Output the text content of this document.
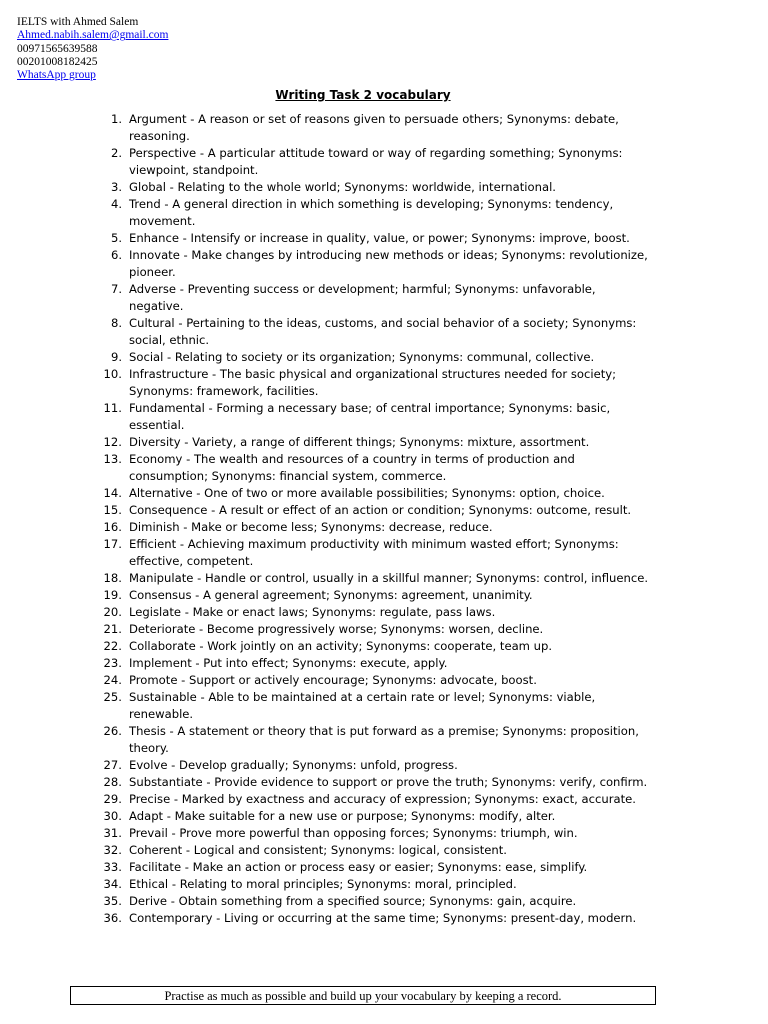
IELTS with Ahmed Salem
Ahmed.nabih.salem@gmail.com
00971565639588
00201008182425
WhatsApp group
Writing Task 2 vocabulary
1. Argument - A reason or set of reasons given to persuade others; Synonyms: debate, reasoning.
2. Perspective - A particular attitude toward or way of regarding something; Synonyms: viewpoint, standpoint.
3. Global - Relating to the whole world; Synonyms: worldwide, international.
4. Trend - A general direction in which something is developing; Synonyms: tendency, movement.
5. Enhance - Intensify or increase in quality, value, or power; Synonyms: improve, boost.
6. Innovate - Make changes by introducing new methods or ideas; Synonyms: revolutionize, pioneer.
7. Adverse - Preventing success or development; harmful; Synonyms: unfavorable, negative.
8. Cultural - Pertaining to the ideas, customs, and social behavior of a society; Synonyms: social, ethnic.
9. Social - Relating to society or its organization; Synonyms: communal, collective.
10. Infrastructure - The basic physical and organizational structures needed for society; Synonyms: framework, facilities.
11. Fundamental - Forming a necessary base; of central importance; Synonyms: basic, essential.
12. Diversity - Variety, a range of different things; Synonyms: mixture, assortment.
13. Economy - The wealth and resources of a country in terms of production and consumption; Synonyms: financial system, commerce.
14. Alternative - One of two or more available possibilities; Synonyms: option, choice.
15. Consequence - A result or effect of an action or condition; Synonyms: outcome, result.
16. Diminish - Make or become less; Synonyms: decrease, reduce.
17. Efficient - Achieving maximum productivity with minimum wasted effort; Synonyms: effective, competent.
18. Manipulate - Handle or control, usually in a skillful manner; Synonyms: control, influence.
19. Consensus - A general agreement; Synonyms: agreement, unanimity.
20. Legislate - Make or enact laws; Synonyms: regulate, pass laws.
21. Deteriorate - Become progressively worse; Synonyms: worsen, decline.
22. Collaborate - Work jointly on an activity; Synonyms: cooperate, team up.
23. Implement - Put into effect; Synonyms: execute, apply.
24. Promote - Support or actively encourage; Synonyms: advocate, boost.
25. Sustainable - Able to be maintained at a certain rate or level; Synonyms: viable, renewable.
26. Thesis - A statement or theory that is put forward as a premise; Synonyms: proposition, theory.
27. Evolve - Develop gradually; Synonyms: unfold, progress.
28. Substantiate - Provide evidence to support or prove the truth; Synonyms: verify, confirm.
29. Precise - Marked by exactness and accuracy of expression; Synonyms: exact, accurate.
30. Adapt - Make suitable for a new use or purpose; Synonyms: modify, alter.
31. Prevail - Prove more powerful than opposing forces; Synonyms: triumph, win.
32. Coherent - Logical and consistent; Synonyms: logical, consistent.
33. Facilitate - Make an action or process easy or easier; Synonyms: ease, simplify.
34. Ethical - Relating to moral principles; Synonyms: moral, principled.
35. Derive - Obtain something from a specified source; Synonyms: gain, acquire.
36. Contemporary - Living or occurring at the same time; Synonyms: present-day, modern.
Practise as much as possible and build up your vocabulary by keeping a record.
